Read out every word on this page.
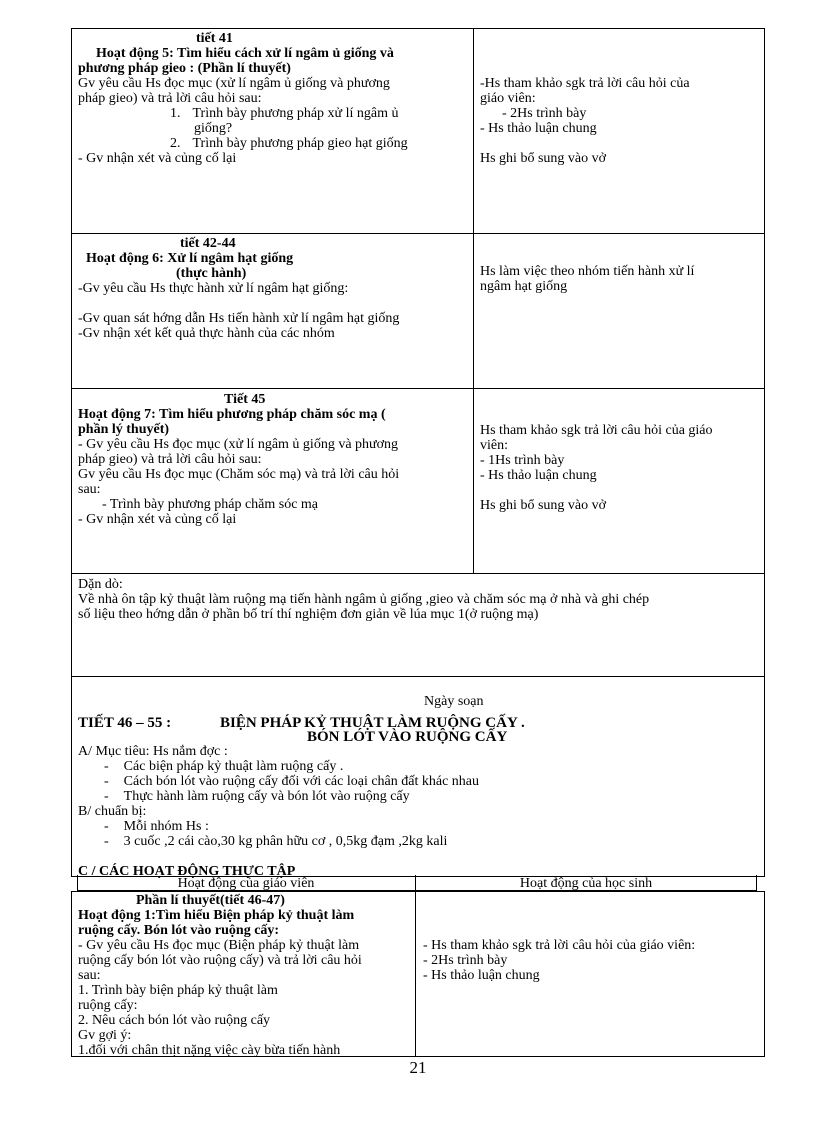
tiết 41
Hoạt động 5: Tìm hiểu cách xử lí ngâm ủ giống và
phương pháp gieo : (Phần lí thuyết)
Gv yêu cầu Hs đọc mục (xử lí ngâm ủ giống và phương
pháp gieo) và trả lời câu hỏi sau:
1. Trình bày phương pháp xử lí ngâm ủ
giống?
2. Trình bày phương pháp gieo hạt giống
- Gv nhận xét và củng cố lại
-Hs tham khảo sgk trả lời câu hỏi của
giáo viên:
- 2Hs trình bày
- Hs thảo luận chung
Hs ghi bổ sung vào vở
tiết 42-44
Hoạt động 6: Xử lí ngâm hạt giống
(thực hành)
-Gv yêu cầu Hs thực hành xử lí ngâm hạt giống:
-Gv quan sát hớng dẫn Hs tiến hành xử lí ngâm hạt giống
-Gv nhận xét kết quả thực hành của các nhóm
Hs làm việc theo nhóm tiến hành xử lí
ngâm hạt giống
Tiết 45
Hoạt động 7: Tìm hiểu phương pháp chăm sóc mạ (
phần lý thuyết)
- Gv yêu cầu Hs đọc mục (xử lí ngâm ủ giống và phương
pháp gieo) và trả lời câu hỏi sau:
Gv yêu cầu Hs đọc mục (Chăm sóc mạ) và trả lời câu hỏi
sau:
- Trình bày phương pháp chăm sóc mạ
- Gv nhận xét và củng cố lại
Hs tham khảo sgk trả lời câu hỏi của giáo
viên:
- 1Hs trình bày
- Hs thảo luận chung
Hs ghi bổ sung vào vở
Dặn dò:
Về nhà ôn tập kỷ thuật làm ruộng mạ tiến hành ngâm ủ giống ,gieo và chăm sóc mạ ở nhà và ghi chép
số liệu theo hớng dẫn ở phần bố trí thí nghiệm đơn giản về lúa mục 1(ở ruộng mạ)
Ngày soạn
TIẾT 46 – 55 :	BIỆN PHÁP KỶ THUẬT LÀM RUỘNG CẤY .
BÓN LÓT VÀO RUỘNG CẤY
A/ Mục tiêu: Hs nắm đợc :
- Các biện pháp kỷ thuật làm ruộng cấy .
- Cách bón lót vào ruộng cấy đối với các loại chân đất khác nhau
- Thực hành làm ruộng cấy và bón lót vào ruộng cấy
B/ chuẩn bị:
- Mỗi nhóm Hs :
- 3 cuốc ,2 cái cào,30 kg phân hữu cơ , 0,5kg đạm ,2kg kali
C / CÁC HOẠT ĐỘNG THỰC TẬP
Hoạt động của giáo viên	Hoạt động của học sinh
Phần lí thuyết(tiết 46-47)
Hoạt động 1:Tìm hiểu Biện pháp kỷ thuật làm
ruộng cấy. Bón lót vào ruộng cấy:
- Gv yêu cầu Hs đọc mục (Biện pháp kỷ thuật làm
ruộng cấy bón lót vào ruộng cấy) và trả lời câu hỏi
sau:
1. Trình bày biện pháp kỷ thuật làm
ruộng cấy:
2. Nêu cách bón lót vào ruộng cấy
Gv gợi ý:
1.đối với chân thịt nặng việc cày bừa tiến hành
- Hs tham khảo sgk trả lời câu hỏi của giáo viên:
- 2Hs trình bày
- Hs thảo luận chung
21
